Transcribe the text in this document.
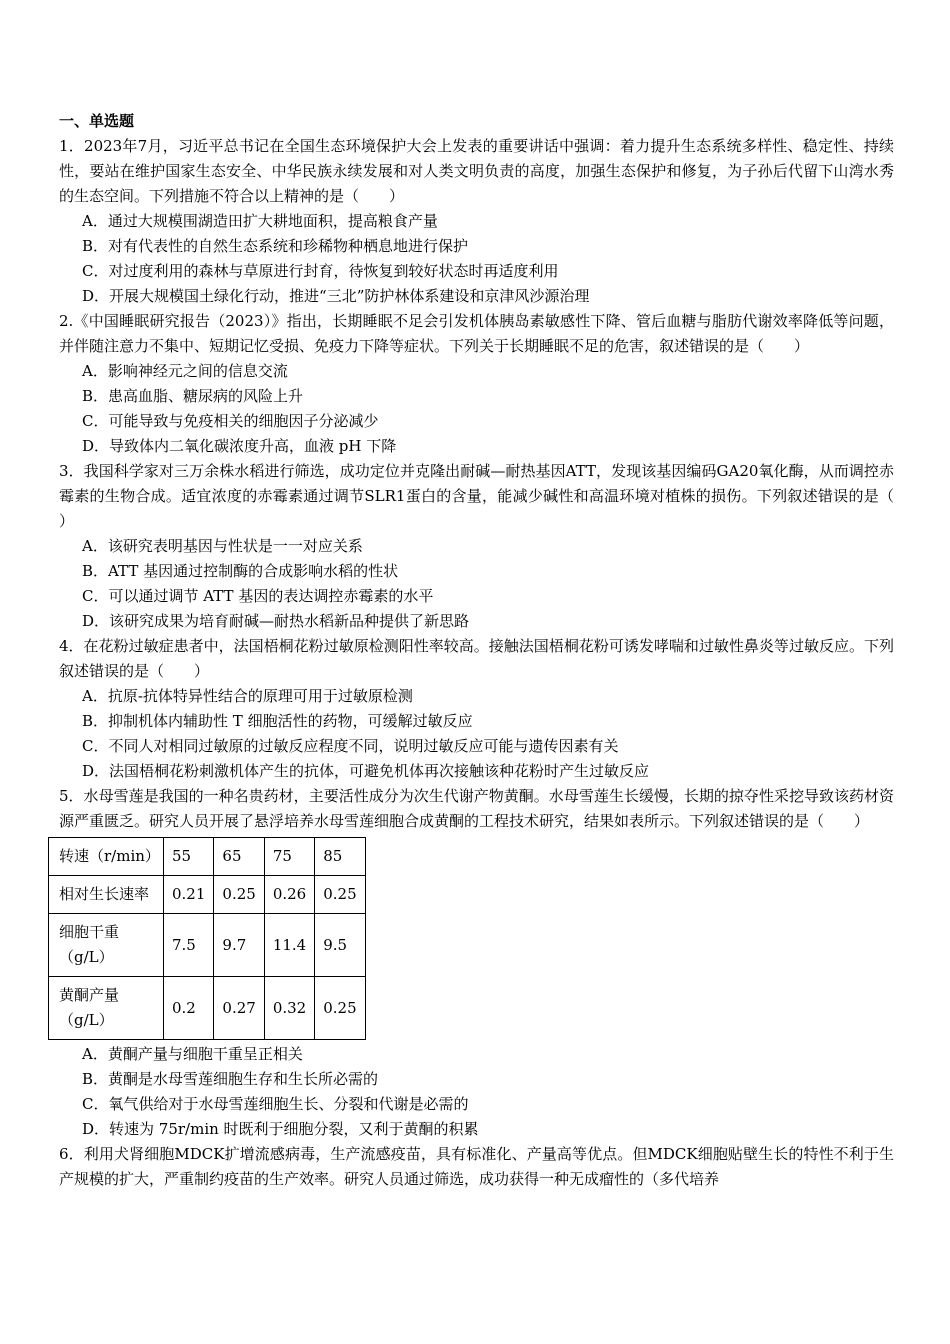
一、单选题
1．2023年7月，习近平总书记在全国生态环境保护大会上发表的重要讲话中强调：着力提升生态系统多样性、稳定性、持续性，要站在维护国家生态安全、中华民族永续发展和对人类文明负责的高度，加强生态保护和修复，为子孙后代留下山湾水秀的生态空间。下列措施不符合以上精神的是（　　）
A．通过大规模围湖造田扩大耕地面积，提高粮食产量
B．对有代表性的自然生态系统和珍稀物种栖息地进行保护
C．对过度利用的森林与草原进行封育，待恢复到较好状态时再适度利用
D．开展大规模国土绿化行动，推进“三北”防护林体系建设和京津风沙源治理
2.《中国睡眠研究报告（2023）》指出，长期睡眠不足会引发机体胰岛素敏感性下降、管后血糖与脂肪代谢效率降低等问题，并伴随注意力不集中、短期记忆受损、免疫力下降等症状。下列关于长期睡眠不足的危害，叙述错误的是（　　）
A．影响神经元之间的信息交流
B．患高血脂、糖尿病的风险上升
C．可能导致与免疫相关的细胞因子分泌减少
D．导致体内二氧化碳浓度升高，血液 pH 下降
3．我国科学家对三万余株水稻进行筛选，成功定位并克隆出耐碱—耐热基因ATT，发现该基因编码GA20氧化酶，从而调控赤霉素的生物合成。适宜浓度的赤霉素通过调节SLR1蛋白的含量，能减少碱性和高温环境对植株的损伤。下列叙述错误的是（　　）
A．该研究表明基因与性状是一一对应关系
B．ATT 基因通过控制酶的合成影响水稻的性状
C．可以通过调节 ATT 基因的表达调控赤霉素的水平
D．该研究成果为培育耐碱—耐热水稻新品种提供了新思路
4．在花粉过敏症患者中，法国梧桐花粉过敏原检测阳性率较高。接触法国梧桐花粉可诱发哮喘和过敏性鼻炎等过敏反应。下列叙述错误的是（　　）
A．抗原-抗体特异性结合的原理可用于过敏原检测
B．抑制机体内辅助性 T 细胞活性的药物，可缓解过敏反应
C．不同人对相同过敏原的过敏反应程度不同，说明过敏反应可能与遗传因素有关
D．法国梧桐花粉刺激机体产生的抗体，可避免机体再次接触该种花粉时产生过敏反应
5．水母雪莲是我国的一种名贵药材，主要活性成分为次生代谢产物黄酮。水母雪莲生长缓慢，长期的掠夺性采挖导致该药材资源严重匮乏。研究人员开展了悬浮培养水母雪莲细胞合成黄酮的工程技术研究，结果如表所示。下列叙述错误的是（　　）
转速（r/min）	55	65	75	85
相对生长速率	0.21	0.25	0.26	0.25
细胞干重（g/L）	7.5	9.7	11.4	9.5
黄酮产量（g/L）	0.2	0.27	0.32	0.25
A．黄酮产量与细胞干重呈正相关
B．黄酮是水母雪莲细胞生存和生长所必需的
C．氧气供给对于水母雪莲细胞生长、分裂和代谢是必需的
D．转速为 75r/min 时既利于细胞分裂，又利于黄酮的积累
6．利用犬肾细胞MDCK扩增流感病毒，生产流感疫苗，具有标准化、产量高等优点。但MDCK细胞贴壁生长的特性不利于生产规模的扩大，严重制约疫苗的生产效率。研究人员通过筛选，成功获得一种无成瘤性的（多代培养
